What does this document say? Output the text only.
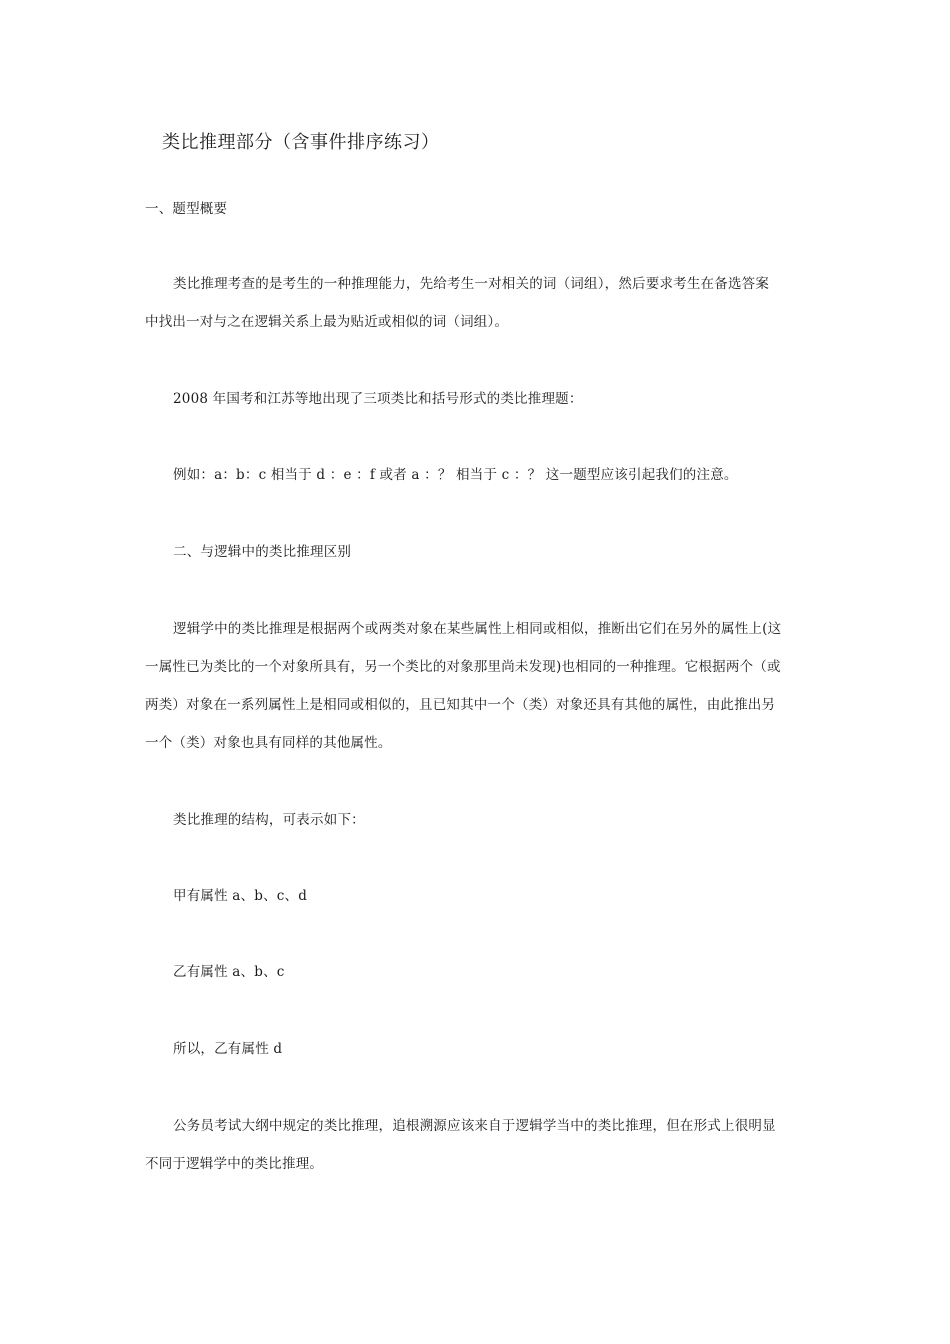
类比推理部分（含事件排序练习）
一、题型概要
类比推理考查的是考生的一种推理能力，先给考生一对相关的词（词组），然后要求考生在备选答案
中找出一对与之在逻辑关系上最为贴近或相似的词（词组）。
2008 年国考和江苏等地出现了三项类比和括号形式的类比推理题：
例如：a：b：c 相当于 d ：e ：f 或者 a ：？ 相当于 c ：？ 这一题型应该引起我们的注意。
二、与逻辑中的类比推理区别
逻辑学中的类比推理是根据两个或两类对象在某些属性上相同或相似，推断出它们在另外的属性上(这
一属性已为类比的一个对象所具有，另一个类比的对象那里尚未发现)也相同的一种推理。它根据两个（或
两类）对象在一系列属性上是相同或相似的，且已知其中一个（类）对象还具有其他的属性，由此推出另
一个（类）对象也具有同样的其他属性。
类比推理的结构，可表示如下：
甲有属性 a、b、c、d
乙有属性 a、b、c
所以，乙有属性 d
公务员考试大纲中规定的类比推理，追根溯源应该来自于逻辑学当中的类比推理，但在形式上很明显
不同于逻辑学中的类比推理。
